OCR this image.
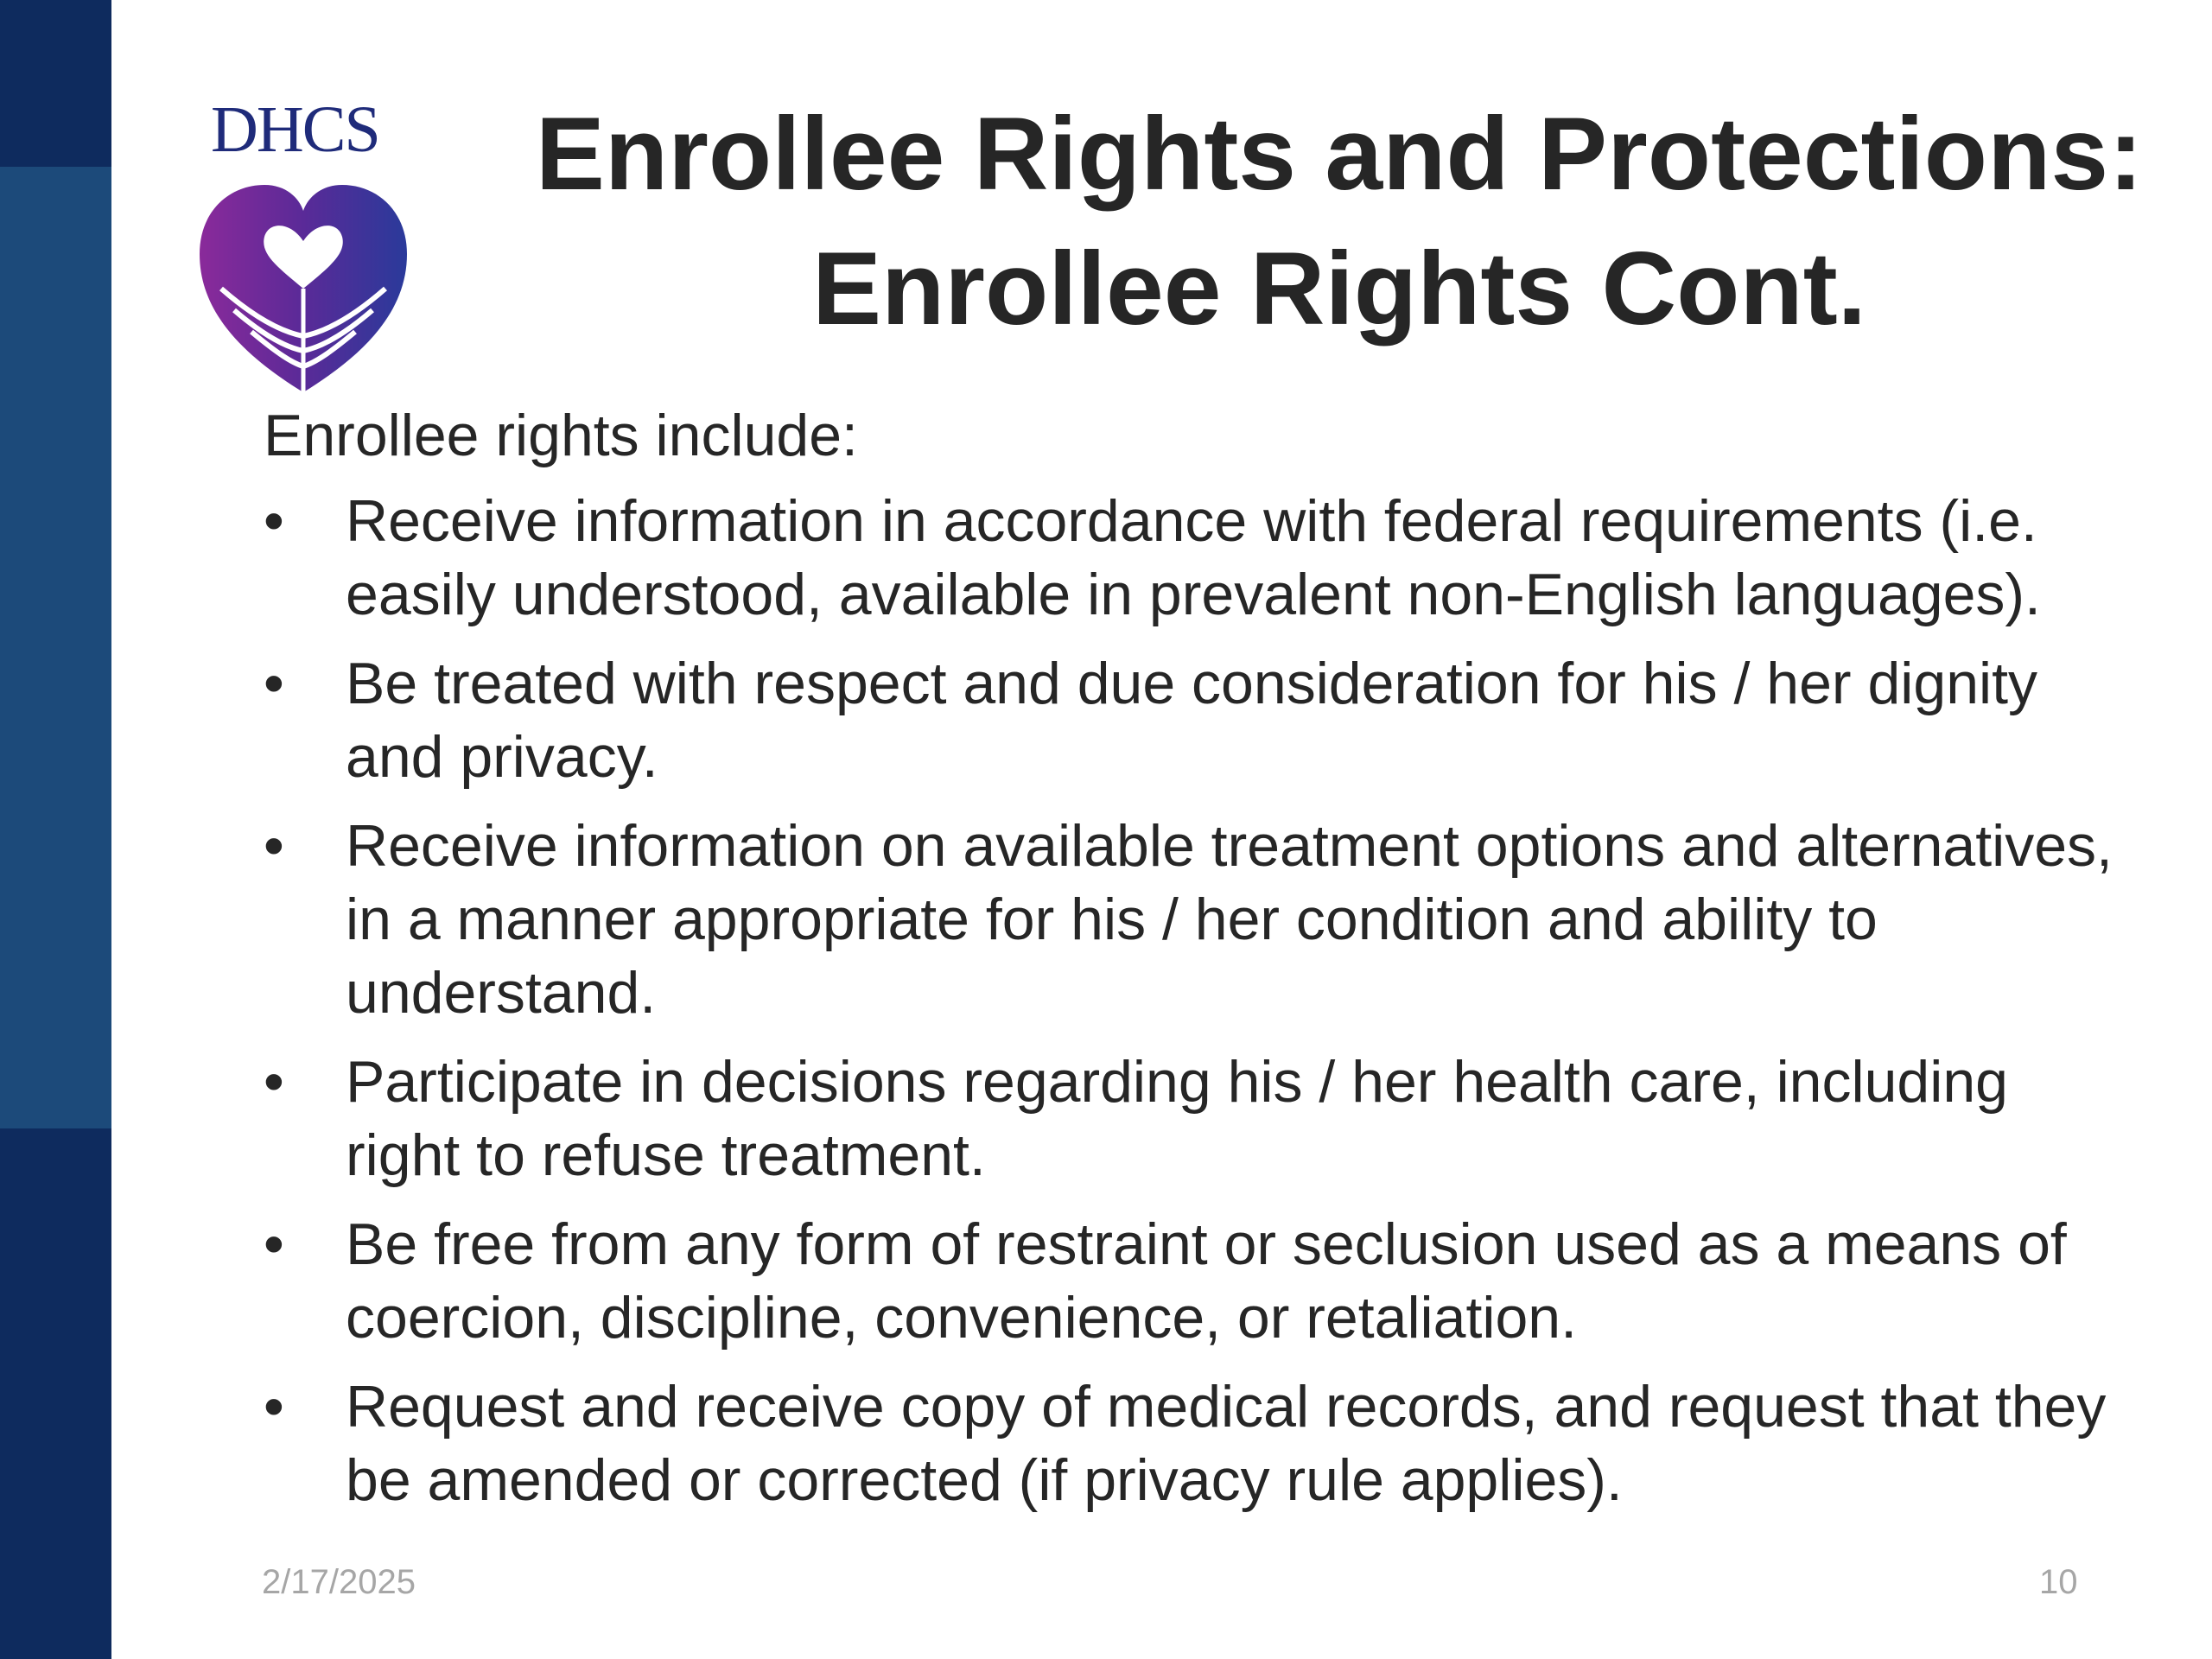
DHCS	Enrollee Rights and Protections:
Enrollee Rights Cont.

Enrollee rights include:

• Receive information in accordance with federal requirements (i.e. easily understood, available in prevalent non-English languages).
• Be treated with respect and due consideration for his / her dignity and privacy.
• Receive information on available treatment options and alternatives, in a manner appropriate for his / her condition and ability to understand.
• Participate in decisions regarding his / her health care, including right to refuse treatment.
• Be free from any form of restraint or seclusion used as a means of coercion, discipline, convenience, or retaliation.
• Request and receive copy of medical records, and request that they be amended or corrected (if privacy rule applies).
2/17/2025	10
